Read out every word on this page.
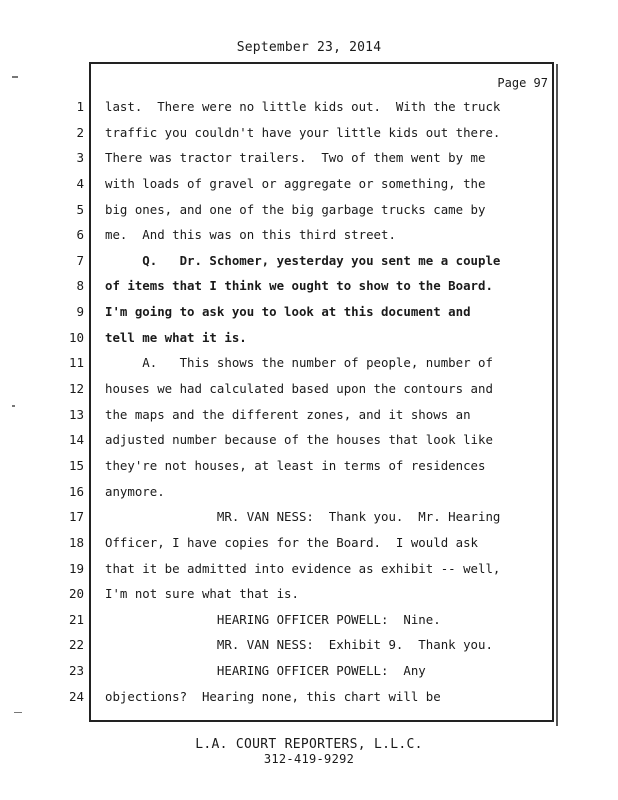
September 23, 2014
Page 97
1
2
3
4
5
6
7
8
9
10
11
12
13
14
15
16
17
18
19
20
21
22
23
24
last.  There were no little kids out.  With the truck
traffic you couldn't have your little kids out there.
There was tractor trailers.  Two of them went by me
with loads of gravel or aggregate or something, the
big ones, and one of the big garbage trucks came by
me.  And this was on this third street.
Q.   Dr. Schomer, yesterday you sent me a couple
of items that I think we ought to show to the Board.
I'm going to ask you to look at this document and
tell me what it is.
A.   This shows the number of people, number of
houses we had calculated based upon the contours and
the maps and the different zones, and it shows an
adjusted number because of the houses that look like
they're not houses, at least in terms of residences
anymore.
MR. VAN NESS:  Thank you.  Mr. Hearing
Officer, I have copies for the Board.  I would ask
that it be admitted into evidence as exhibit -- well,
I'm not sure what that is.
HEARING OFFICER POWELL:  Nine.
MR. VAN NESS:  Exhibit 9.  Thank you.
HEARING OFFICER POWELL:  Any
objections?  Hearing none, this chart will be
L.A. COURT REPORTERS, L.L.C.
312-419-9292
